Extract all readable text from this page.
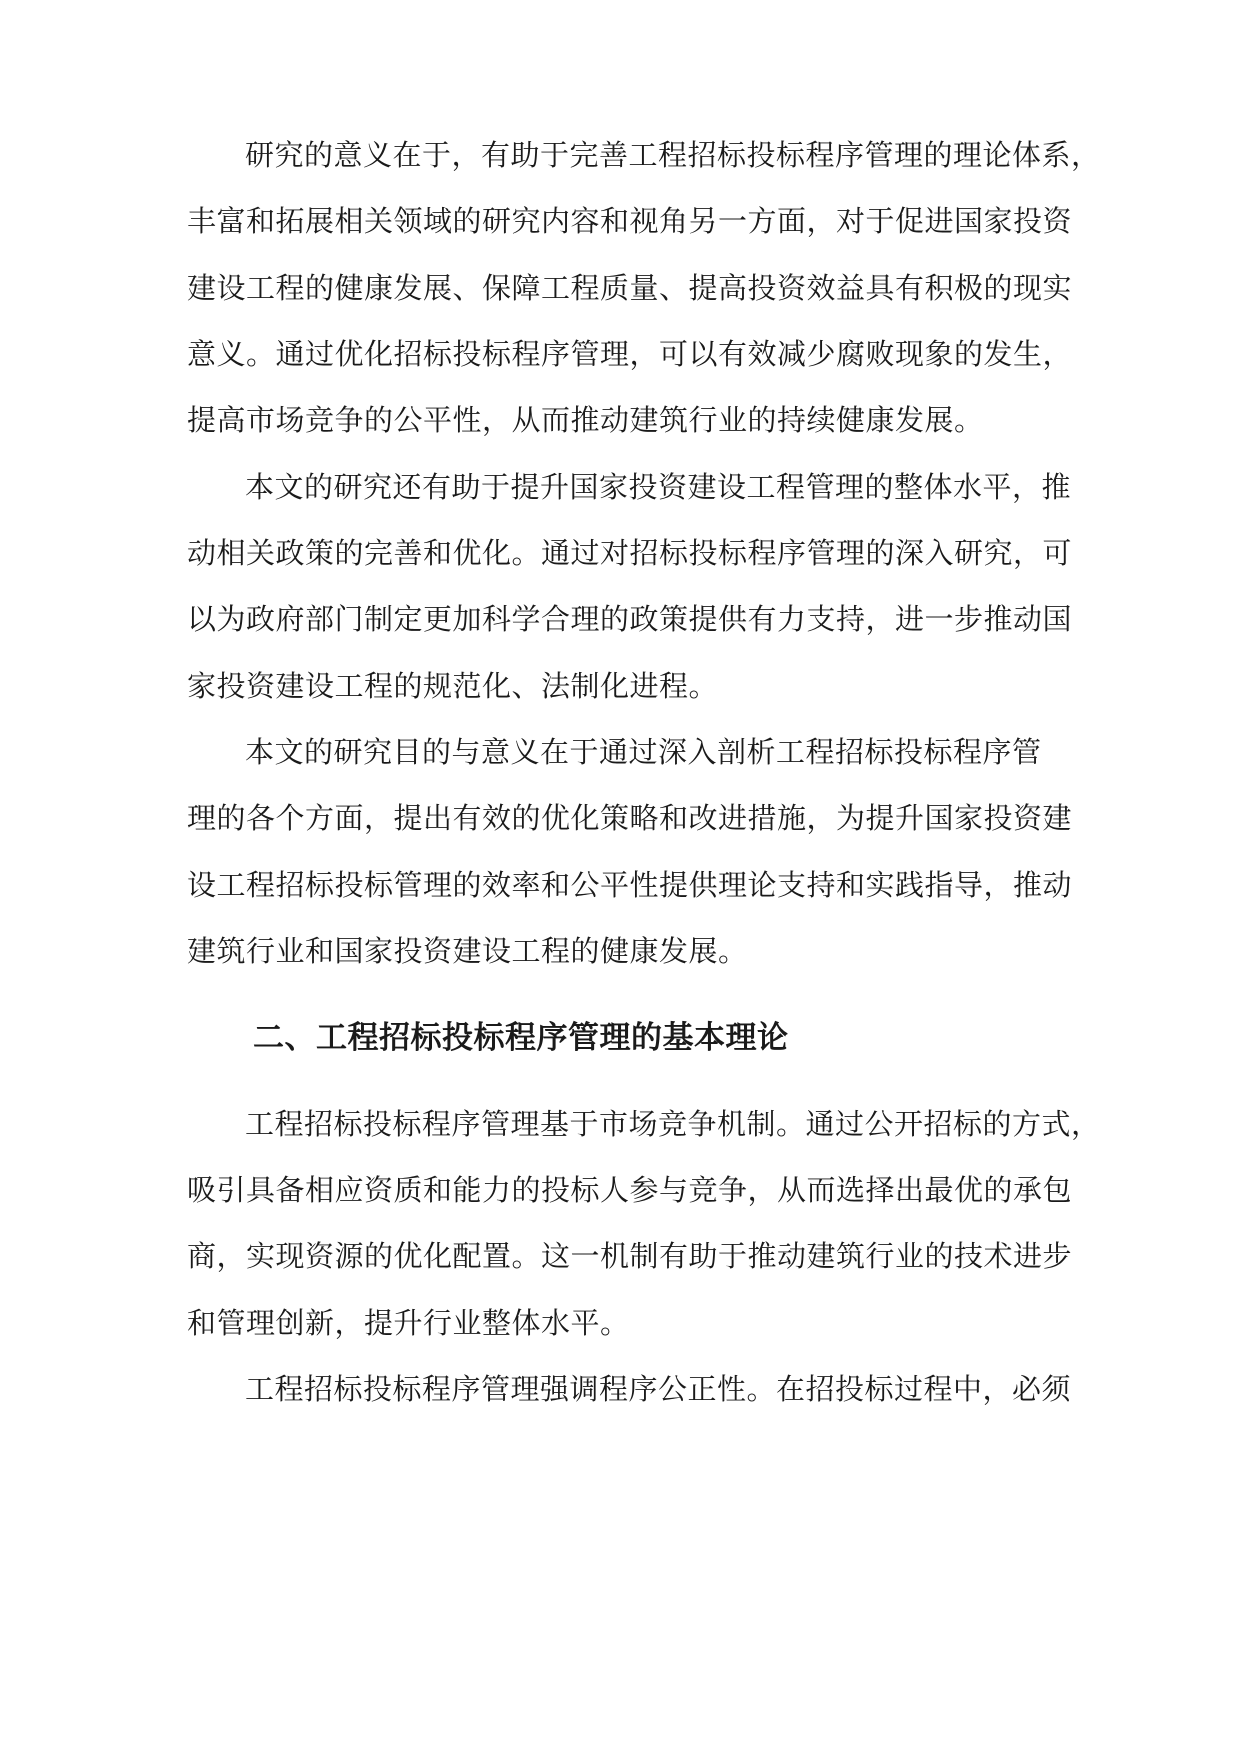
研究的意义在于，有助于完善工程招标投标程序管理的理论体系，
丰富和拓展相关领域的研究内容和视角另一方面，对于促进国家投资
建设工程的健康发展、保障工程质量、提高投资效益具有积极的现实
意义。通过优化招标投标程序管理，可以有效减少腐败现象的发生，
提高市场竞争的公平性，从而推动建筑行业的持续健康发展。
本文的研究还有助于提升国家投资建设工程管理的整体水平，推
动相关政策的完善和优化。通过对招标投标程序管理的深入研究，可
以为政府部门制定更加科学合理的政策提供有力支持，进一步推动国
家投资建设工程的规范化、法制化进程。
本文的研究目的与意义在于通过深入剖析工程招标投标程序管
理的各个方面，提出有效的优化策略和改进措施，为提升国家投资建
设工程招标投标管理的效率和公平性提供理论支持和实践指导，推动
建筑行业和国家投资建设工程的健康发展。
二、工程招标投标程序管理的基本理论
工程招标投标程序管理基于市场竞争机制。通过公开招标的方式，
吸引具备相应资质和能力的投标人参与竞争，从而选择出最优的承包
商，实现资源的优化配置。这一机制有助于推动建筑行业的技术进步
和管理创新，提升行业整体水平。
工程招标投标程序管理强调程序公正性。在招投标过程中，必须
